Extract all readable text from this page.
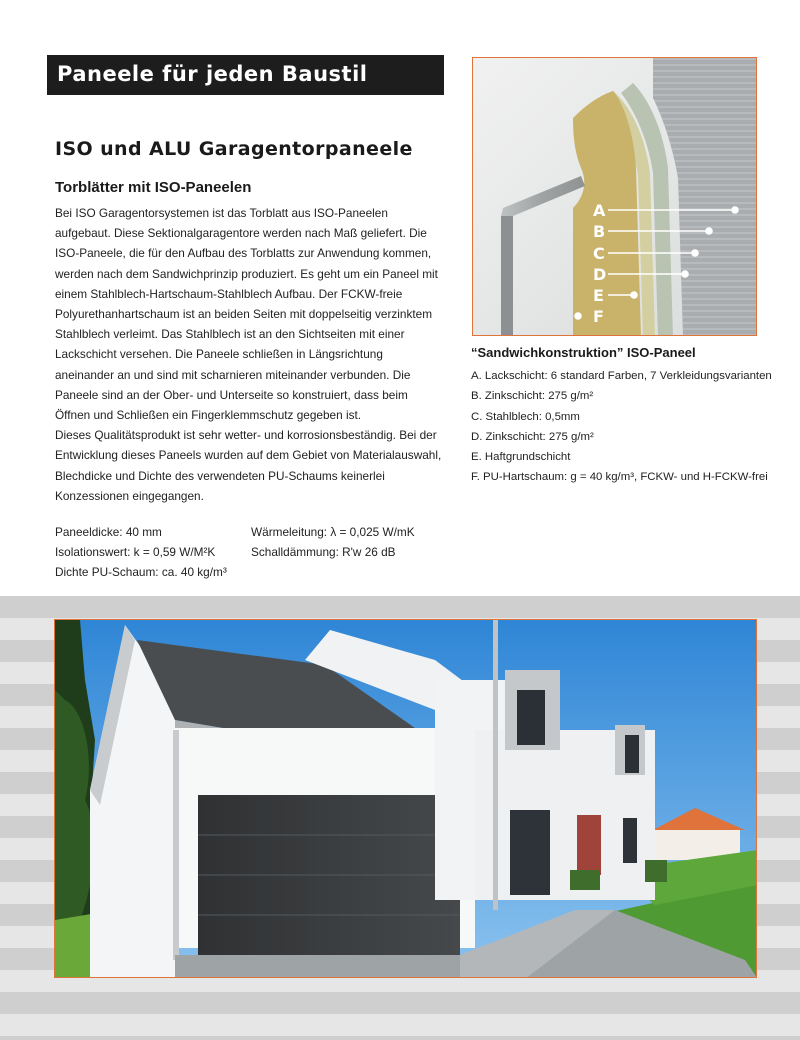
Paneele für jeden Baustil
ISO und ALU Garagentorpaneele
Torblätter mit ISO-Paneelen

Bei ISO Garagentorsystemen ist das Torblatt aus ISO-Paneelen aufgebaut. Diese Sektionalgaragentore werden nach Maß geliefert. Die ISO-Paneele, die für den Aufbau des Torblatts zur Anwendung kommen, werden nach dem Sandwichprinzip produziert. Es geht um ein Paneel mit einem Stahlblech-Hartschaum-Stahlblech Aufbau. Der FCKW-freie Polyurethanhartschaum ist an beiden Seiten mit doppelseitig verzinktem Stahlblech verleimt. Das Stahlblech ist an den Sichtseiten mit einer Lackschicht versehen. Die Paneele schließen in Längsrichtung aneinander an und sind mit scharnieren miteinander verbunden. Die Paneele sind an der Ober- und Unterseite so konstruiert, dass beim Öffnen und Schließen ein Fingerklemmschutz gegeben ist.

Dieses Qualitätsprodukt ist sehr wetter- und korrosionsbeständig. Bei der Entwicklung dieses Paneels wurden auf dem Gebiet von Materialauswahl, Blechdicke und Dichte des verwendeten PU-Schaums keinerlei Konzessionen eingegangen.

Paneeldicke: 40 mm
Isolationswert: k = 0,59 W/M²K
Dichte PU-Schaum: ca. 40 kg/m³
Wärmeleitung: λ = 0,025 W/mK
Schalldämmung: R'w 26 dB
A
B
C
D
E
F
“Sandwichkonstruktion” ISO-Paneel
A. Lackschicht: 6 standard Farben, 7 Verkleidungsvarianten
B. Zinkschicht: 275 g/m²
C. Stahlblech: 0,5mm
D. Zinkschicht: 275 g/m²
E. Haftgrundschicht
F. PU-Hartschaum: g = 40 kg/m³, FCKW- und H-FCKW-frei
